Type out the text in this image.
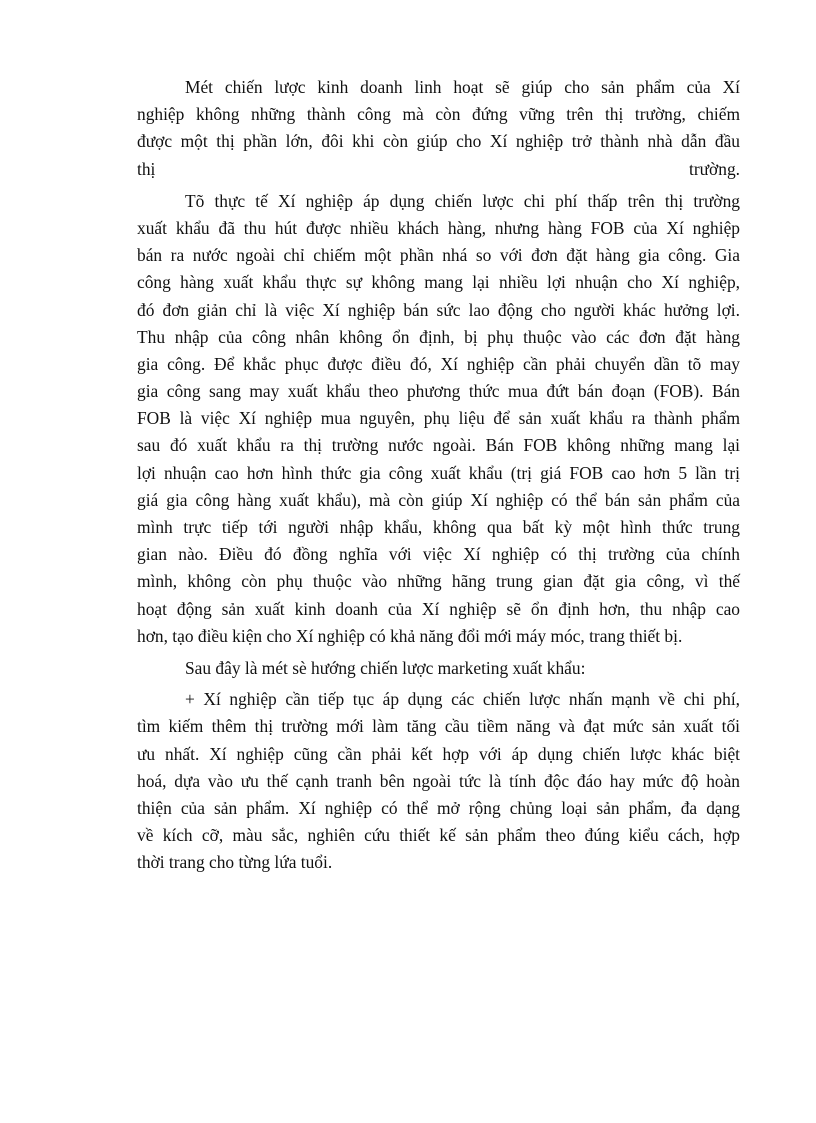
Mét chiến lược kinh doanh linh hoạt sẽ giúp cho sản phẩm của Xí
nghiệp không những thành công mà còn đứng vững trên thị trường, chiếm
được một thị phần lớn, đôi khi còn giúp cho Xí nghiệp trở thành nhà dẫn đầu
thị trường.
Tõ thực tế Xí nghiệp áp dụng chiến lược chi phí thấp trên thị trường
xuất khẩu đã thu hút được nhiều khách hàng, nhưng hàng FOB của Xí nghiệp
bán ra nước ngoài chỉ chiếm một phần nhá so với đơn đặt hàng gia công. Gia
công hàng xuất khẩu thực sự không mang lại nhiều lợi nhuận cho Xí nghiệp,
đó đơn giản chỉ là việc Xí nghiệp bán sức lao động cho người khác hưởng lợi.
Thu nhập của công nhân không ổn định, bị phụ thuộc vào các đơn đặt hàng
gia công. Để khắc phục được điều đó, Xí nghiệp cần phải chuyển dần tõ may
gia công sang may xuất khẩu theo phương thức mua đứt bán đoạn (FOB). Bán
FOB là việc Xí nghiệp mua nguyên, phụ liệu để sản xuất khẩu ra thành phẩm
sau đó xuất khẩu ra thị trường nước ngoài. Bán FOB không những mang lại
lợi nhuận cao hơn hình thức gia công xuất khẩu (trị giá FOB cao hơn 5 lần trị
giá gia công hàng xuất khẩu), mà còn giúp Xí nghiệp có thể bán sản phẩm của
mình trực tiếp tới người nhập khẩu, không qua bất kỳ một hình thức trung
gian nào. Điều đó đồng nghĩa với việc Xí nghiệp có thị trường của chính
mình, không còn phụ thuộc vào những hãng trung gian đặt gia công, vì thế
hoạt động sản xuất kinh doanh của Xí nghiệp sẽ ổn định hơn, thu nhập cao
hơn, tạo điều kiện cho Xí nghiệp có khả năng đổi mới máy móc, trang thiết bị.
Sau đây là mét sè hướng chiến lược marketing xuất khẩu:
+ Xí nghiệp cần tiếp tục áp dụng các chiến lược nhấn mạnh về chi phí,
tìm kiếm thêm thị trường mới làm tăng cầu tiềm năng và đạt mức sản xuất tối
ưu nhất. Xí nghiệp cũng cần phải kết hợp với áp dụng chiến lược khác biệt
hoá, dựa vào ưu thế cạnh tranh bên ngoài tức là tính độc đáo hay mức độ hoàn
thiện của sản phẩm. Xí nghiệp có thể mở rộng chủng loại sản phẩm, đa dạng
về kích cỡ, màu sắc, nghiên cứu thiết kế sản phẩm theo đúng kiểu cách, hợp
thời trang cho từng lứa tuổi.
